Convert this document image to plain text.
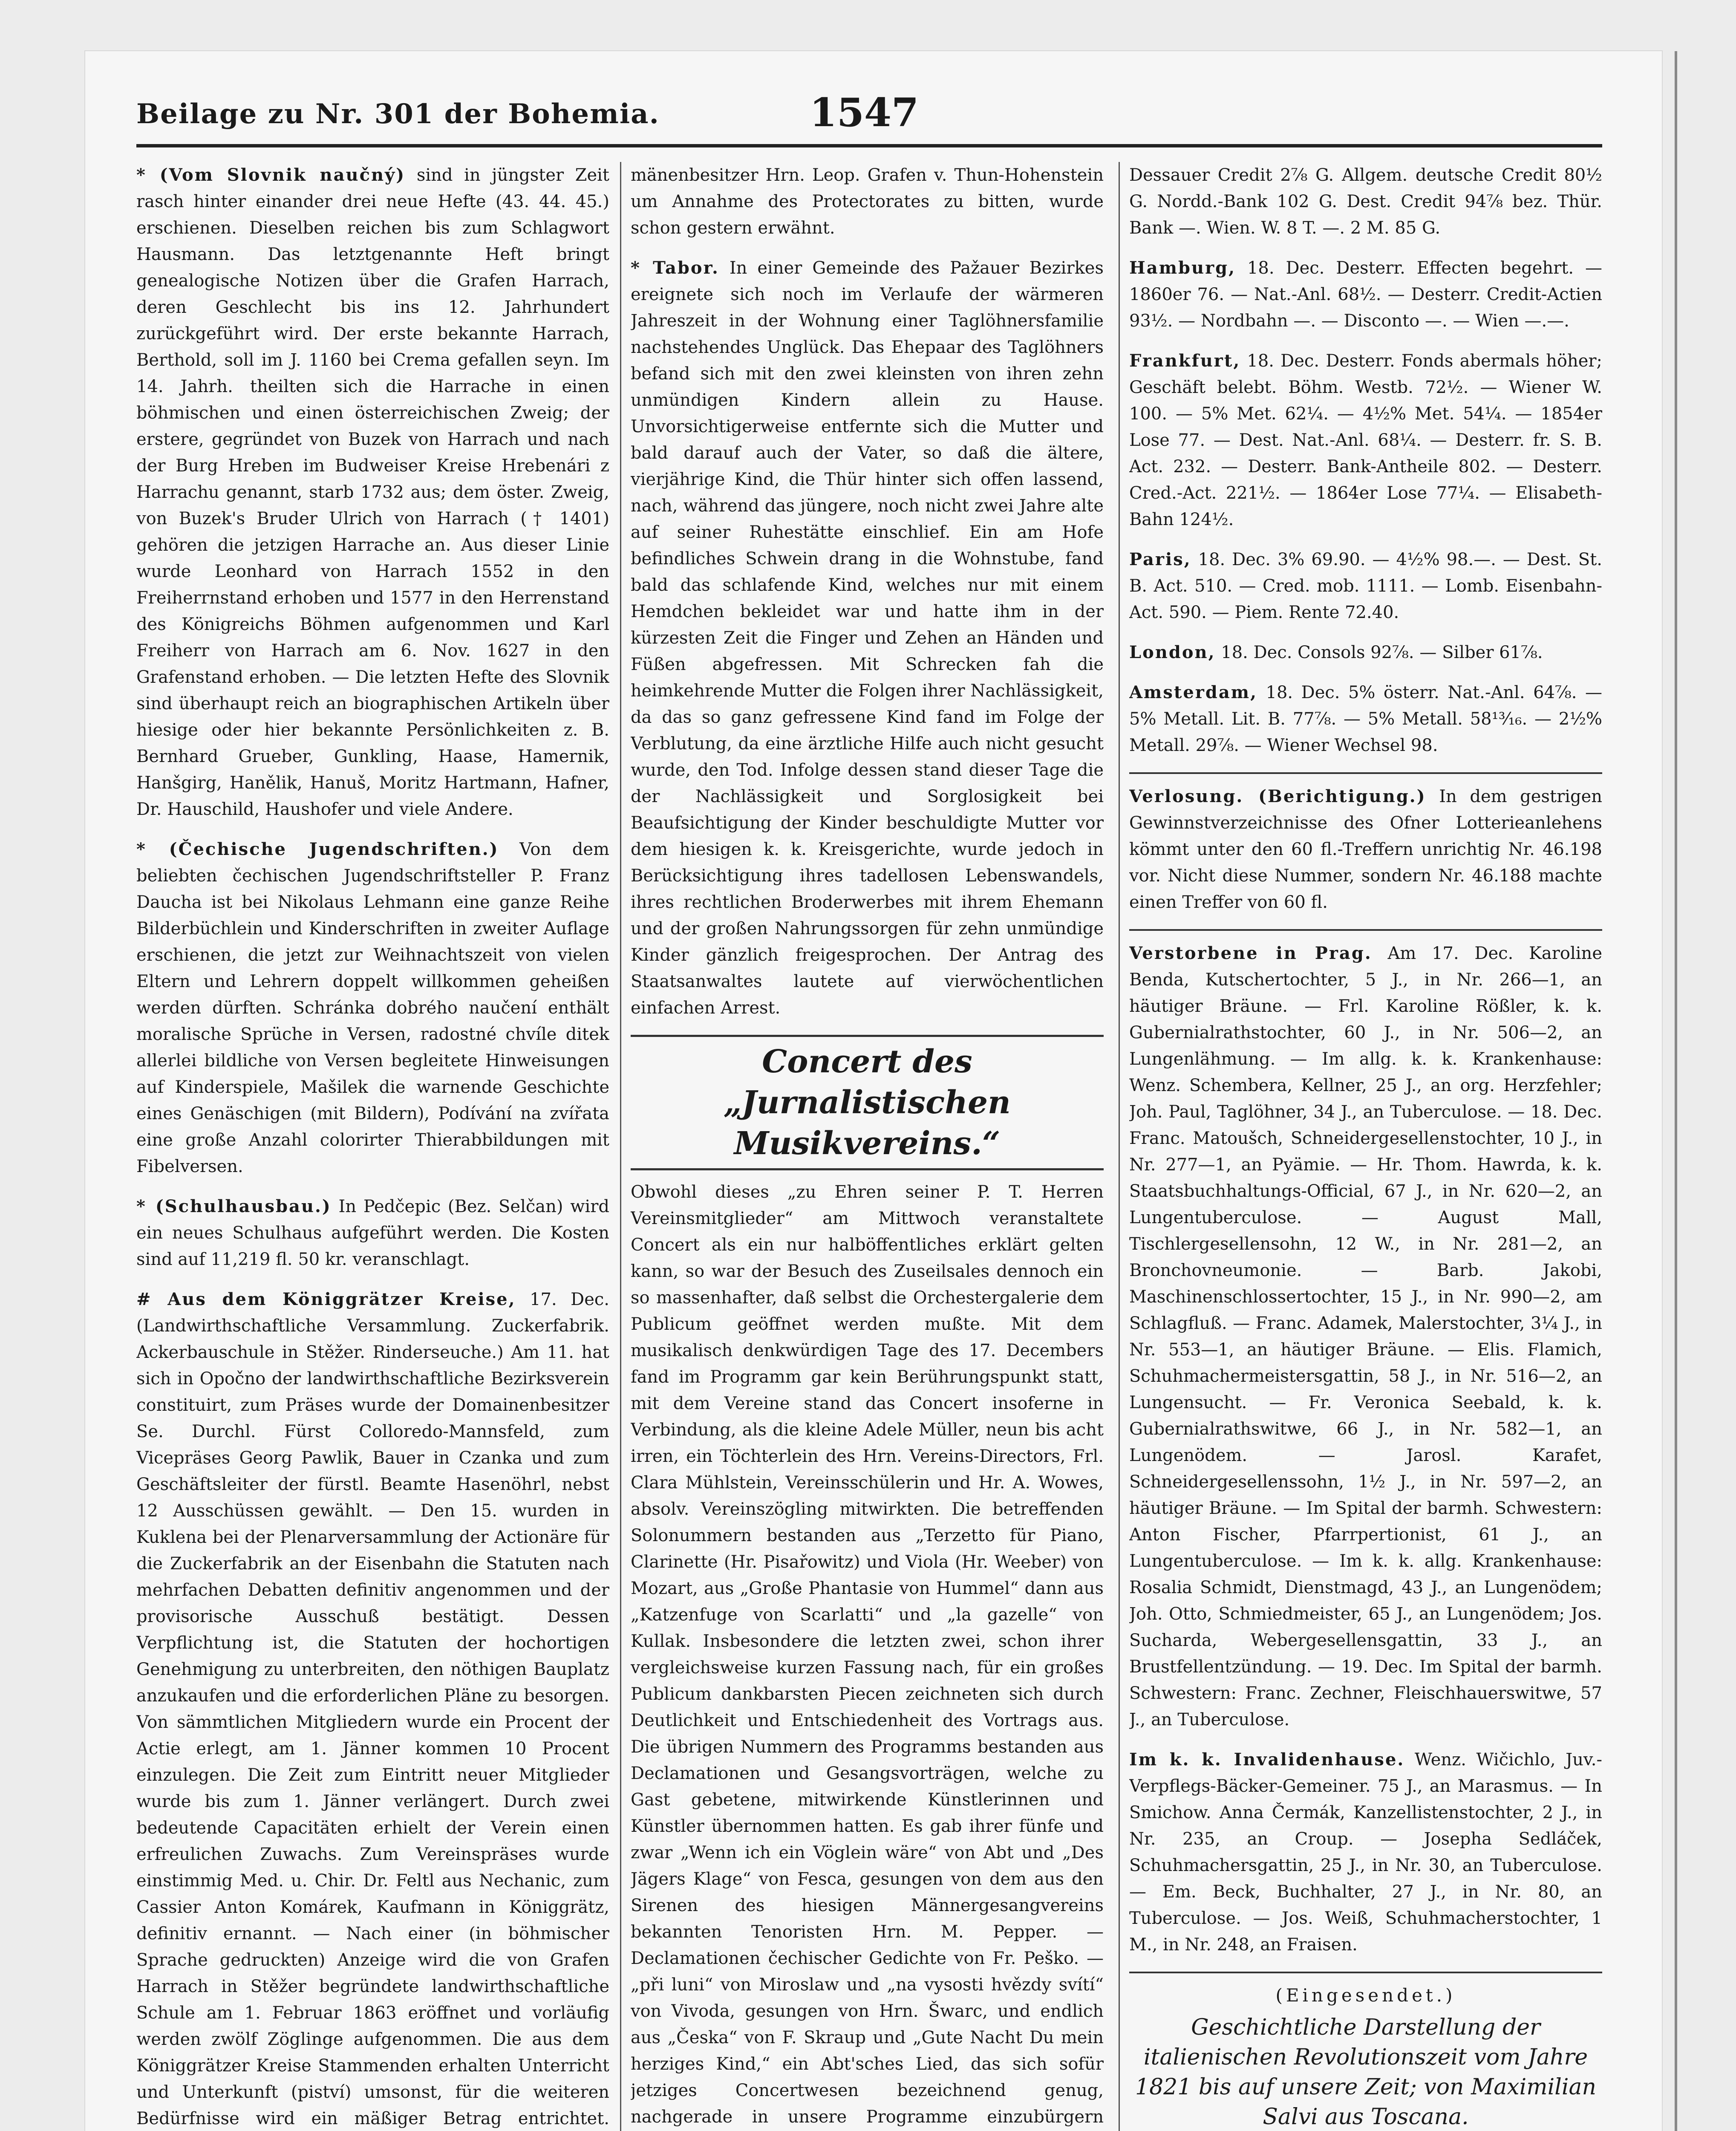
Beilage zu Nr. 301 der Bohemia.	1547
* (Vom Slovnik naučný) sind in jüngster Zeit rasch hinter einander drei neue Hefte (43. 44. 45.) erschienen. Dieselben reichen bis zum Schlagwort Hausmann. Das letztgenannte Heft bringt genealogische Notizen über die Grafen Harrach, deren Geschlecht bis ins 12. Jahrhundert zurückgeführt wird. Der erste bekannte Harrach, Berthold, soll im J. 1160 bei Crema gefallen seyn. Im 14. Jahrh. theilten sich die Harrache in einen böhmischen und einen österreichischen Zweig; der erstere, gegründet von Buzek von Harrach und nach der Burg Hreben im Budweiser Kreise Hrebenári z Harrachu genannt, starb 1732 aus; dem öster. Zweig, von Buzek's Bruder Ulrich von Harrach († 1401) gehören die jetzigen Harrache an. Aus dieser Linie wurde Leonhard von Harrach 1552 in den Freiherrnstand erhoben und 1577 in den Herrenstand des Königreichs Böhmen aufgenommen und Karl Freiherr von Harrach am 6. Nov. 1627 in den Grafenstand erhoben. — Die letzten Hefte des Slovnik sind überhaupt reich an biographischen Artikeln über hiesige oder hier bekannte Persönlichkeiten z. B. Bernhard Grueber, Gunkling, Haase, Hamernik, Hanšgirg, Hanělik, Hanuš, Moritz Hartmann, Hafner, Dr. Hauschild, Haushofer und viele Andere.
* (Čechische Jugendschriften.) Von dem beliebten čechischen Jugendschriftsteller P. Franz Daucha ist bei Nikolaus Lehmann eine ganze Reihe Bilderbüchlein und Kinderschriften in zweiter Auflage erschienen, die jetzt zur Weihnachtszeit von vielen Eltern und Lehrern doppelt willkommen geheißen werden dürften. Schránka dobrého naučení enthält moralische Sprüche in Versen, radostné chvíle ditek allerlei bildliche von Versen begleitete Hinweisungen auf Kinderspiele, Mašilek die warnende Geschichte eines Genäschigen (mit Bildern), Podívání na zvířata eine große Anzahl colorirter Thierabbildungen mit Fibelversen.
* (Schulhausbau.) In Pedčepic (Bez. Selčan) wird ein neues Schulhaus aufgeführt werden. Die Kosten sind auf 11,219 fl. 50 kr. veranschlagt.
# Aus dem Königgrätzer Kreise, 17. Dec. (Landwirthschaftliche Versammlung. Zuckerfabrik. Ackerbauschule in Stěžer. Rinderseuche.) Am 11. hat sich in Opočno der landwirthschaftliche Bezirksverein constituirt, zum Präses wurde der Domainenbesitzer Se. Durchl. Fürst Colloredo-Mannsfeld, zum Vicepräses Georg Pawlik, Bauer in Czanka und zum Geschäftsleiter der fürstl. Beamte Hasenöhrl, nebst 12 Ausschüssen gewählt. — Den 15. wurden in Kuklena bei der Plenarversammlung der Actionäre für die Zuckerfabrik an der Eisenbahn die Statuten nach mehrfachen Debatten definitiv angenommen und der provisorische Ausschuß bestätigt. Dessen Verpflichtung ist, die Statuten der hochortigen Genehmigung zu unterbreiten, den nöthigen Bauplatz anzukaufen und die erforderlichen Pläne zu besorgen. Von sämmtlichen Mitgliedern wurde ein Procent der Actie erlegt, am 1. Jänner kommen 10 Procent einzulegen. Die Zeit zum Eintritt neuer Mitglieder wurde bis zum 1. Jänner verlängert. Durch zwei bedeutende Capacitäten erhielt der Verein einen erfreulichen Zuwachs. Zum Vereinspräses wurde einstimmig Med. u. Chir. Dr. Feltl aus Nechanic, zum Cassier Anton Komárek, Kaufmann in Königgrätz, definitiv ernannt. — Nach einer (in böhmischer Sprache gedruckten) Anzeige wird die von Grafen Harrach in Stěžer begründete landwirthschaftliche Schule am 1. Februar 1863 eröffnet und vorläufig werden zwölf Zöglinge aufgenommen. Die aus dem Königgrätzer Kreise Stammenden erhalten Unterricht und Unterkunft (piství) umsonst, für die weiteren Bedürfnisse wird ein mäßiger Betrag entrichtet.
mänenbesitzer Hrn. Leop. Grafen v. Thun-Hohenstein um Annahme des Protectorates zu bitten, wurde schon gestern erwähnt.
* Tabor. In einer Gemeinde des Pažauer Bezirkes ereignete sich noch im Verlaufe der wärmeren Jahreszeit in der Wohnung einer Taglöhnersfamilie nachstehendes Unglück. Das Ehepaar des Taglöhners befand sich mit den zwei kleinsten von ihren zehn unmündigen Kindern allein zu Hause. Unvorsichtigerweise entfernte sich die Mutter und bald darauf auch der Vater, so daß die ältere, vierjährige Kind, die Thür hinter sich offen lassend, nach, während das jüngere, noch nicht zwei Jahre alte auf seiner Ruhestätte einschlief. Ein am Hofe befindliches Schwein drang in die Wohnstube, fand bald das schlafende Kind, welches nur mit einem Hemdchen bekleidet war und hatte ihm in der kürzesten Zeit die Finger und Zehen an Händen und Füßen abgefressen. Mit Schrecken fah die heimkehrende Mutter die Folgen ihrer Nachlässigkeit, da das so ganz gefressene Kind fand im Folge der Verblutung, da eine ärztliche Hilfe auch nicht gesucht wurde, den Tod. Infolge dessen stand dieser Tage die der Nachlässigkeit und Sorglosigkeit bei Beaufsichtigung der Kinder beschuldigte Mutter vor dem hiesigen k. k. Kreisgerichte, wurde jedoch in Berücksichtigung ihres tadellosen Lebenswandels, ihres rechtlichen Broderwerbes mit ihrem Ehemann und der großen Nahrungssorgen für zehn unmündige Kinder gänzlich freigesprochen. Der Antrag des Staatsanwaltes lautete auf vierwöchentlichen einfachen Arrest.
Concert des „Jurnalistischen Musikvereins.“
Obwohl dieses „zu Ehren seiner P. T. Herren Vereinsmitglieder“ am Mittwoch veranstaltete Concert als ein nur halböffentliches erklärt gelten kann, so war der Besuch des Zuseilsales dennoch ein so massenhafter, daß selbst die Orchestergalerie dem Publicum geöffnet werden mußte. Mit dem musikalisch denkwürdigen Tage des 17. Decembers fand im Programm gar kein Berührungspunkt statt, mit dem Vereine stand das Concert insoferne in Verbindung, als die kleine Adele Müller, neun bis acht irren, ein Töchterlein des Hrn. Vereins-Directors, Frl. Clara Mühlstein, Vereinsschülerin und Hr. A. Wowes, absolv. Vereinszögling mitwirkten. Die betreffenden Solonummern bestanden aus „Terzetto für Piano, Clarinette (Hr. Pisařowitz) und Viola (Hr. Weeber) von Mozart, aus „Große Phantasie von Hummel“ dann aus „Katzenfuge von Scarlatti“ und „la gazelle“ von Kullak. Insbesondere die letzten zwei, schon ihrer vergleichsweise kurzen Fassung nach, für ein großes Publicum dankbarsten Piecen zeichneten sich durch Deutlichkeit und Entschiedenheit des Vortrags aus. Die übrigen Nummern des Programms bestanden aus Declamationen und Gesangsvorträgen, welche zu Gast gebetene, mitwirkende Künstlerinnen und Künstler übernommen hatten. Es gab ihrer fünfe und zwar „Wenn ich ein Vöglein wäre“ von Abt und „Des Jägers Klage“ von Fesca, gesungen von dem aus den Sirenen des hiesigen Männergesangvereins bekannten Tenoristen Hrn. M. Pepper. — Declamationen čechischer Gedichte von Fr. Peško. — „při luni“ von Miroslaw und „na vysosti hvězdy svítí“ von Vivoda, gesungen von Hrn. Šwarc, und endlich aus „Česka“ von F. Skraup und „Gute Nacht Du mein herziges Kind,“ ein Abt'sches Lied, das sich sofür jetziges Concertwesen bezeichnend genug, nachgerade in unsere Programme einzubürgern
Dessauer Credit 2⅞ G. Allgem. deutsche Credit 80½ G. Nordd.-Bank 102 G. Dest. Credit 94⅞ bez. Thür. Bank —. Wien. W. 8 T. —. 2 M. 85 G.
Hamburg, 18. Dec. Desterr. Effecten begehrt. — 1860er 76. — Nat.-Anl. 68½. — Desterr. Credit-Actien 93½. — Nordbahn —. — Disconto —. — Wien —.—.
Frankfurt, 18. Dec. Desterr. Fonds abermals höher; Geschäft belebt. Böhm. Westb. 72½. — Wiener W. 100. — 5% Met. 62¼. — 4½% Met. 54¼. — 1854er Lose 77. — Dest. Nat.-Anl. 68¼. — Desterr. fr. S. B. Act. 232. — Desterr. Bank-Antheile 802. — Desterr. Cred.-Act. 221½. — 1864er Lose 77¼. — Elisabeth-Bahn 124½.
Paris, 18. Dec. 3% 69.90. — 4½% 98.—. — Dest. St. B. Act. 510. — Cred. mob. 1111. — Lomb. Eisenbahn-Act. 590. — Piem. Rente 72.40.
London, 18. Dec. Consols 92⅞. — Silber 61⅞.
Amsterdam, 18. Dec. 5% österr. Nat.-Anl. 64⅞. — 5% Metall. Lit. B. 77⅞. — 5% Metall. 58¹³⁄₁₆. — 2½% Metall. 29⅞. — Wiener Wechsel 98.
Verlosung. (Berichtigung.) In dem gestrigen Gewinnstverzeichnisse des Ofner Lotterieanlehens kömmt unter den 60 fl.-Treffern unrichtig Nr. 46.198 vor. Nicht diese Nummer, sondern Nr. 46.188 machte einen Treffer von 60 fl.
Verstorbene in Prag. Am 17. Dec. Karoline Benda, Kutschertochter, 5 J., in Nr. 266—1, an häutiger Bräune. — Frl. Karoline Rößler, k. k. Gubernialrathstochter, 60 J., in Nr. 506—2, an Lungenlähmung. — Im allg. k. k. Krankenhause: Wenz. Schembera, Kellner, 25 J., an org. Herzfehler; Joh. Paul, Taglöhner, 34 J., an Tuberculose. — 18. Dec. Franc. Matoušch, Schneidergesellenstochter, 10 J., in Nr. 277—1, an Pyämie. — Hr. Thom. Hawrda, k. k. Staatsbuchhaltungs-Official, 67 J., in Nr. 620—2, an Lungentuberculose. — August Mall, Tischlergesellensohn, 12 W., in Nr. 281—2, an Bronchovneumonie. — Barb. Jakobi, Maschinenschlossertochter, 15 J., in Nr. 990—2, am Schlagfluß. — Franc. Adamek, Malerstochter, 3¼ J., in Nr. 553—1, an häutiger Bräune. — Elis. Flamich, Schuhmachermeistersgattin, 58 J., in Nr. 516—2, an Lungensucht. — Fr. Veronica Seebald, k. k. Gubernialrathswitwe, 66 J., in Nr. 582—1, an Lungenödem. — Jarosl. Karafet, Schneidergesellenssohn, 1½ J., in Nr. 597—2, an häutiger Bräune. — Im Spital der barmh. Schwestern: Anton Fischer, Pfarrpertionist, 61 J., an Lungentuberculose. — Im k. k. allg. Krankenhause: Rosalia Schmidt, Dienstmagd, 43 J., an Lungenödem; Joh. Otto, Schmiedmeister, 65 J., an Lungenödem; Jos. Sucharda, Webergesellensgattin, 33 J., an Brustfellentzündung. — 19. Dec. Im Spital der barmh. Schwestern: Franc. Zechner, Fleischhauerswitwe, 57 J., an Tuberculose.
Im k. k. Invalidenhause. Wenz. Wičichlo, Juv.-Verpflegs-Bäcker-Gemeiner. 75 J., an Marasmus. — In Smichow. Anna Čermák, Kanzellistenstochter, 2 J., in Nr. 235, an Croup. — Josepha Sedláček, Schuhmachersgattin, 25 J., in Nr. 30, an Tuberculose. — Em. Beck, Buchhalter, 27 J., in Nr. 80, an Tuberculose. — Jos. Weiß, Schuhmacherstochter, 1 M., in Nr. 248, an Fraisen.
(Eingesendet.)
Geschichtliche Darstellung der italienischen Revolutionszeit vom Jahre 1821 bis auf unsere Zeit; von Maximilian Salvi aus Toscana.
